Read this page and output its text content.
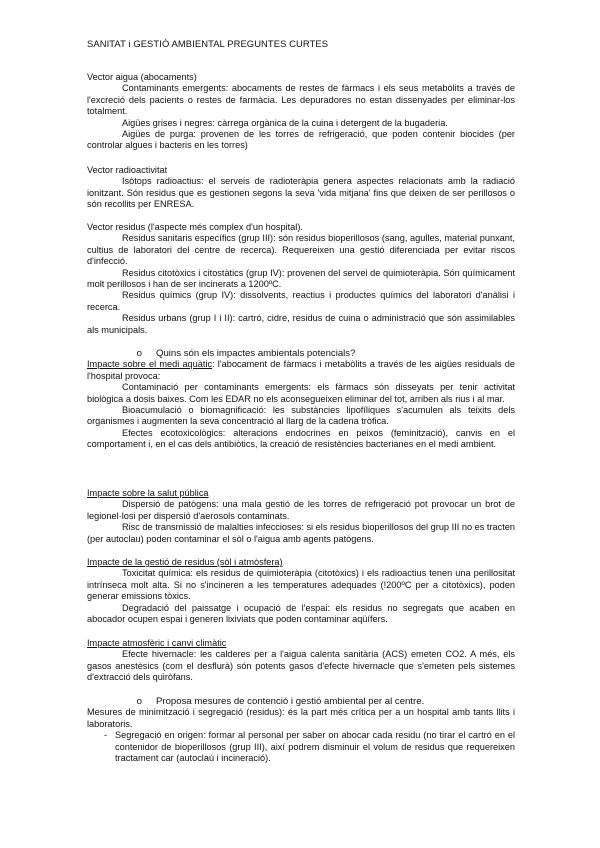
SANITAT i GESTIÓ AMBIENTAL PREGUNTES CURTES

Vector aigua (abocaments)

Contaminants emergents: abocaments de restes de fàrmacs i els seus metabòlits a través de l'excreció dels pacients o restes de farmàcia. Les depuradores no estan dissenyades per eliminar-los totalment.

Aigües grises i negres: càrrega orgànica de la cuina i detergent de la bugaderia.

Aigües de purga: provenen de les torres de refrigeració, que poden contenir biocides (per controlar algues i bacteris en les torres)

Vector radioactivitat

Isòtops radioactius: el serveis de radioteràpia genera aspectes relacionats amb la radiació ionitzant. Són residus que es gestionen segons la seva 'vida mitjana' fins que deixen de ser perillosos o són recollits per ENRESA.

Vector residus (l'aspecte més complex d'un hospital).

Residus sanitaris específics (grup III): són residus bioperillosos (sang, agulles, material punxant, cultius de laboratori del centre de recerca). Requereixen una gestió diferenciada per evitar riscos d'infecció.

Residus citotòxics i citostàtics (grup IV): provenen del servei de quimioteràpia. Són químicament molt perillosos i han de ser incinerats a 1200ºC.

Residus químics (grup IV): dissolvents, reactius i productes químics del laboratori d'anàlisi i recerca.

Residus urbans (grup I i II): cartró, cidre, residus de cuina o administració que són assimilables als municipals.

o Quins són els impactes ambientals potencials?

Impacte sobre el medi aquàtic: l'abocament de fàrmacs i metabòlits a través de les aigües residuals de l'hospital provoca:

Contaminació per contaminants emergents: els fàrmacs són disseyats per tenir activitat biològica a dosis baixes. Com les EDAR no els aconsegueixen eliminar del tot, arriben als rius i al mar.

Bioacumulació o biomagnificació: les substàncies lipofíliques s'acumulen als teixits dels organismes i augmenten la seva concentració al llarg de la cadena tròfica.

Efectes ecotoxicològics: alteracions endocrines en peixos (feminització), canvis en el comportament i, en el cas dels antibiòtics, la creació de resistències bacterianes en el medi ambient.

Impacte sobre la salut pública

Dispersió de patògens: una mala gestió de les torres de refrigeració pot provocar un brot de legionel·losi per dispersió d'aerosols contaminats.

Risc de transmissió de malalties infeccioses: si els residus bioperillosos del grup III no es tracten (per autoclau) poden contaminar el sòl o l'aigua amb agents patògens.

Impacte de la gestió de residus (sòl i atmòsfera)

Toxicitat química: els residus de quimioteràpia (citotòxics) i els radioactius tenen una perillositat intrínseca molt alta. Si no s'incineren a les temperatures adequades (!200ºC per a citotòxics), poden generar emissions tòxics.

Degradació del paissatge i ocupació de l'espai: els residus no segregats que acaben en abocador ocupen espai i generen lixiviats que poden contaminar aqüífers.

Impacte atmosfèric i canvi climàtic

Efecte hivernacle: les calderes per a l'aigua calenta sanitària (ACS) emeten CO2. A més, els gasos anestèsics (com el desflurà) són potents gasos d'efecte hivernacle que s'emeten pels sistemes d'extracció dels quiròfans.

o Proposa mesures de contenció i gestió ambiental per al centre.

Mesures de minimització i segregació (residus): és la part més crítica per a un hospital amb tants llits i laboratoris.

- Segregació en origen: formar al personal per saber on abocar cada residu (no tirar el cartró en el contenidor de bioperillosos (grup III), així podrem disminuir el volum de residus que requereixen tractament car (autoclaú i incineració).
